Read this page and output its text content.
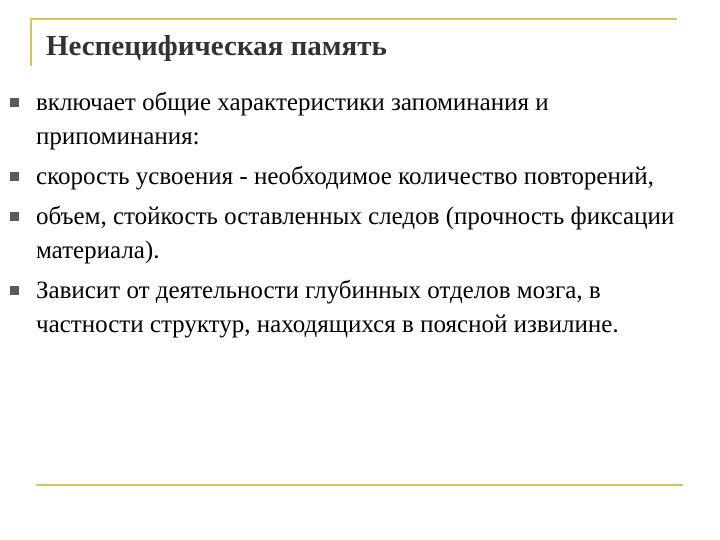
Неспецифическая память
включает общие характеристики запоминания и припоминания:
скорость усвоения - необходимое количество повторений,
объем, стойкость оставленных следов (прочность фиксации материала).
Зависит от деятельности глубинных отделов мозга, в частности структур, находящихся в поясной извилине.
